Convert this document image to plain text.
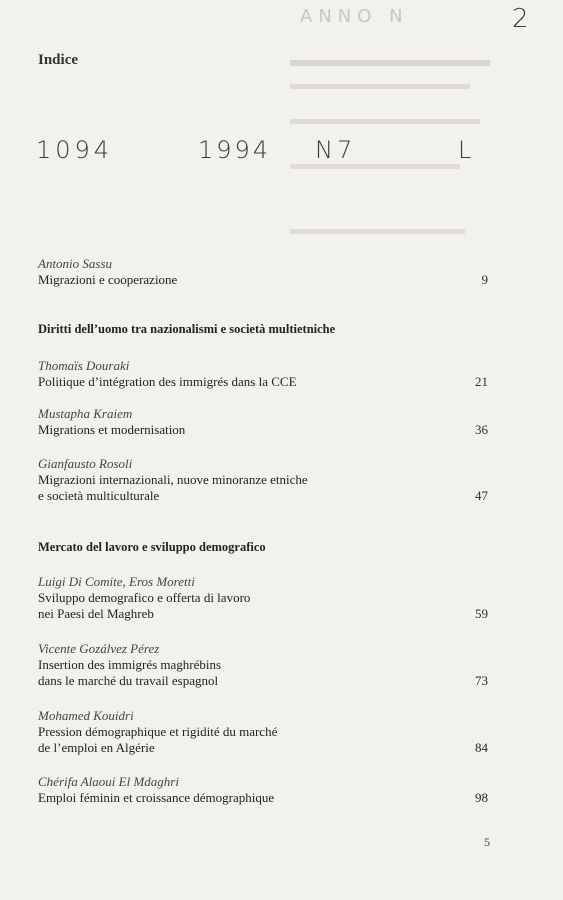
ANNO N	2
Indice
1094	1994 N7	L
Antonio Sassu
Migrazioni e cooperazione	9
Diritti dell’uomo tra nazionalismi e società multietniche
Thomaïs Douraki
Politique d’intégration des immigrés dans la CCE	21
Mustapha Kraiem
Migrations et modernisation	36
Gianfausto Rosoli
Migrazioni internazionali, nuove minoranze etniche
e società multiculturale	47
Mercato del lavoro e sviluppo demografico
Luigi Di Comite, Eros Moretti
Sviluppo demografico e offerta di lavoro
nei Paesi del Maghreb	59
Vicente Gozálvez Pérez
Insertion des immigrés maghrébins
dans le marché du travail espagnol	73
Mohamed Kouidri
Pression démographique et rigidité du marché
de l’emploi en Algérie	84
Chérifa Alaoui El Mdaghri
Emploi féminin et croissance démographique	98
5
